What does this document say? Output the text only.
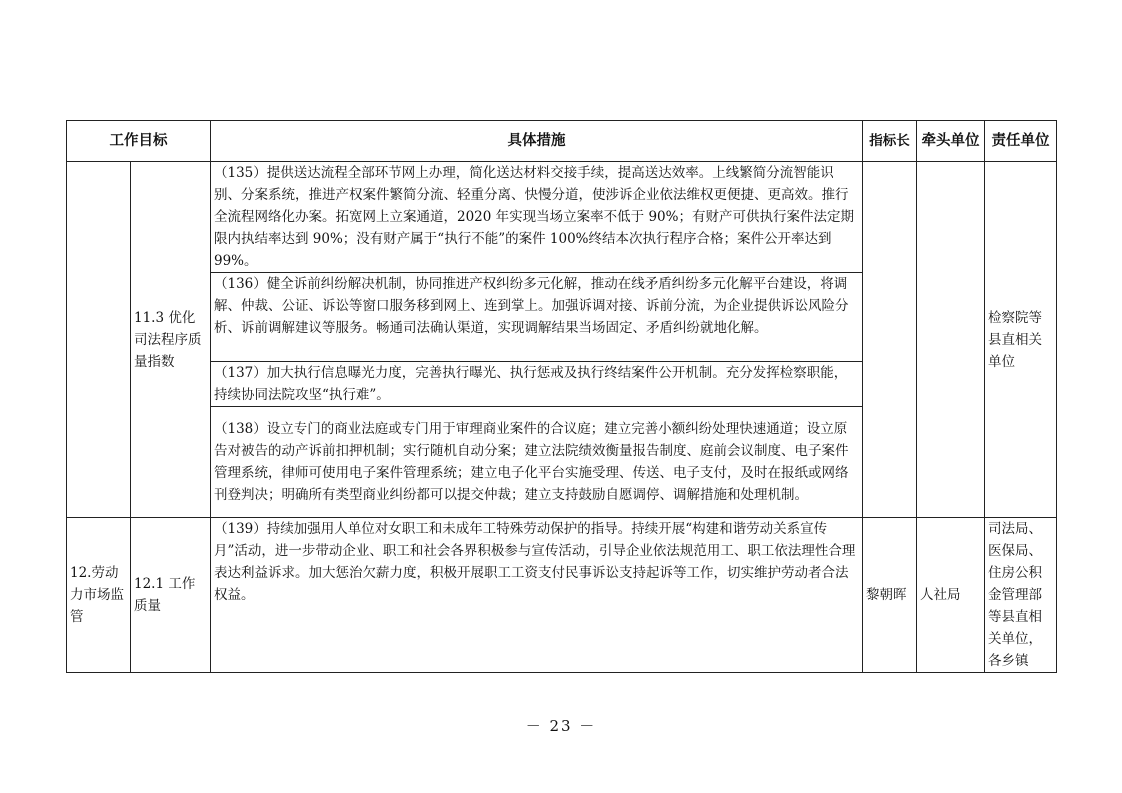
工作目标		具体措施	指标长	牵头单位	责任单位
	11.3 优化司法程序质量指数	（135）提供送达流程全部环节网上办理，简化送达材料交接手续，提高送达效率。上线繁简分流智能识别、分案系统，推进产权案件繁简分流、轻重分离、快慢分道，使涉诉企业依法维权更便捷、更高效。推行全流程网络化办案。拓宽网上立案通道，2020 年实现当场立案率不低于 90%；有财产可供执行案件法定期限内执结率达到 90%；没有财产属于“执行不能”的案件 100%终结本次执行程序合格；案件公开率达到 99%。			检察院等县直相关单位
		（136）健全诉前纠纷解决机制，协同推进产权纠纷多元化解，推动在线矛盾纠纷多元化解平台建设，将调解、仲裁、公证、诉讼等窗口服务移到网上、连到掌上。加强诉调对接、诉前分流，为企业提供诉讼风险分析、诉前调解建议等服务。畅通司法确认渠道，实现调解结果当场固定、矛盾纠纷就地化解。			
		（137）加大执行信息曝光力度，完善执行曝光、执行惩戒及执行终结案件公开机制。充分发挥检察职能，持续协同法院攻坚“执行难”。			
		（138）设立专门的商业法庭或专门用于审理商业案件的合议庭；建立完善小额纠纷处理快速通道；设立原告对被告的动产诉前扣押机制；实行随机自动分案；建立法院绩效衡量报告制度、庭前会议制度、电子案件管理系统，律师可使用电子案件管理系统；建立电子化平台实施受理、传送、电子支付，及时在报纸或网络刊登判决；明确所有类型商业纠纷都可以提交仲裁；建立支持鼓励自愿调停、调解措施和处理机制。			
12.劳动力市场监管	12.1 工作质量	（139）持续加强用人单位对女职工和未成年工特殊劳动保护的指导。持续开展“构建和谐劳动关系宣传月”活动，进一步带动企业、职工和社会各界积极参与宣传活动，引导企业依法规范用工、职工依法理性合理表达利益诉求。加大惩治欠薪力度，积极开展职工工资支付民事诉讼支持起诉等工作，切实维护劳动者合法权益。	黎朝晖	人社局	司法局、医保局、住房公积金管理部等县直相关单位，各乡镇
－ 23 －
